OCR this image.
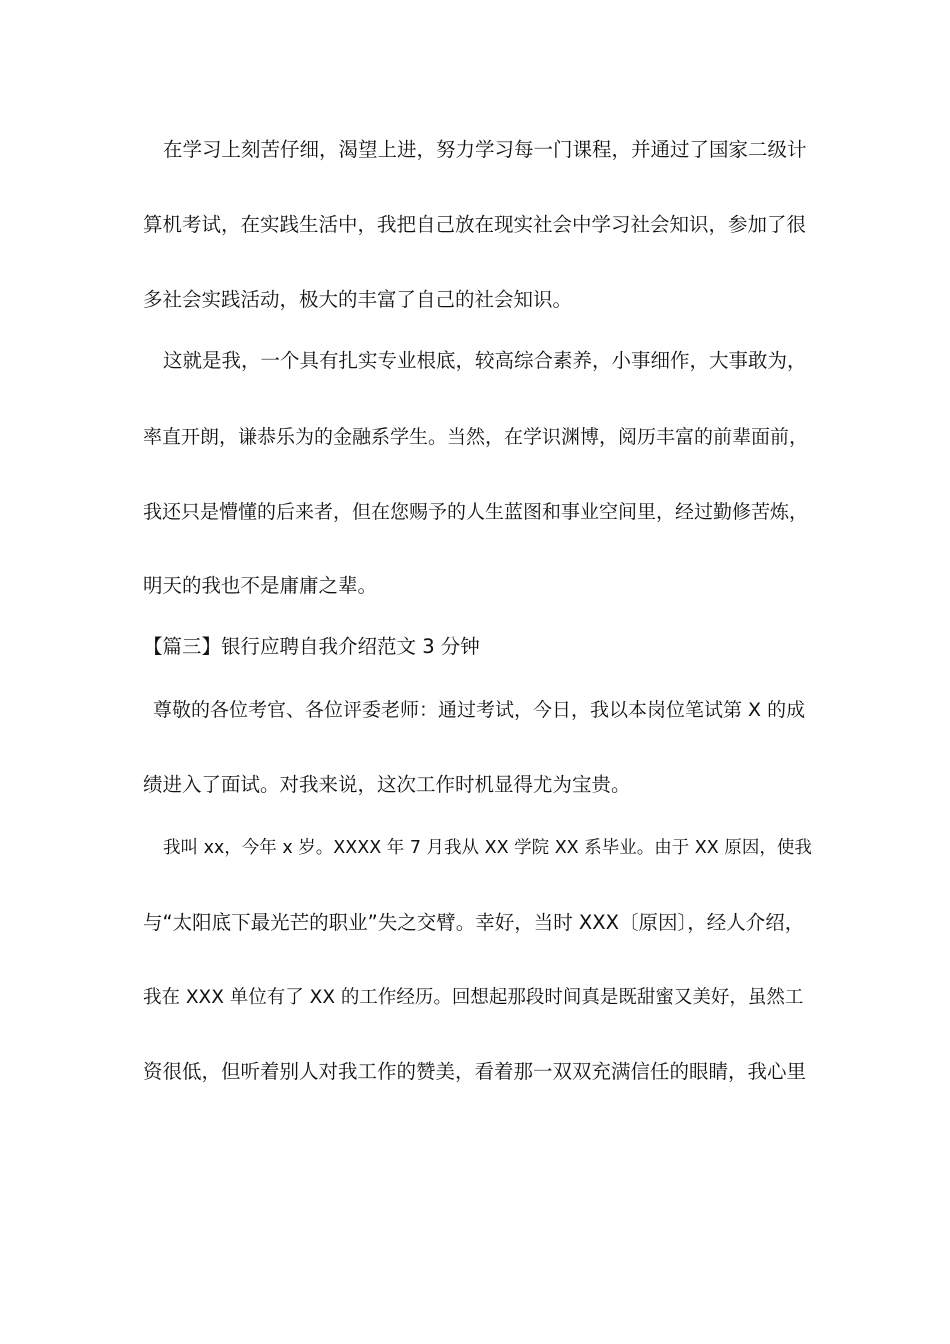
在学习上刻苦仔细，渴望上进，努力学习每一门课程，并通过了国家二级计
算机考试，在实践生活中，我把自己放在现实社会中学习社会知识，参加了很
多社会实践活动，极大的丰富了自己的社会知识。
这就是我，一个具有扎实专业根底，较高综合素养，小事细作，大事敢为，
率直开朗，谦恭乐为的金融系学生。当然，在学识渊博，阅历丰富的前辈面前，
我还只是懵懂的后来者，但在您赐予的人生蓝图和事业空间里，经过勤修苦炼，
明天的我也不是庸庸之辈。
【篇三】银行应聘自我介绍范文 3 分钟
尊敬的各位考官、各位评委老师：通过考试，今日，我以本岗位笔试第 X 的成
绩进入了面试。对我来说，这次工作时机显得尤为宝贵。
我叫 xx，今年 x 岁。XXXX 年 7 月我从 XX 学院 XX 系毕业。由于 XX 原因，使我
与“太阳底下最光芒的职业”失之交臂。幸好，当时 XXX〔原因〕，经人介绍，
我在 XXX 单位有了 XX 的工作经历。回想起那段时间真是既甜蜜又美好，虽然工
资很低，但听着别人对我工作的赞美，看着那一双双充满信任的眼睛，我心里
